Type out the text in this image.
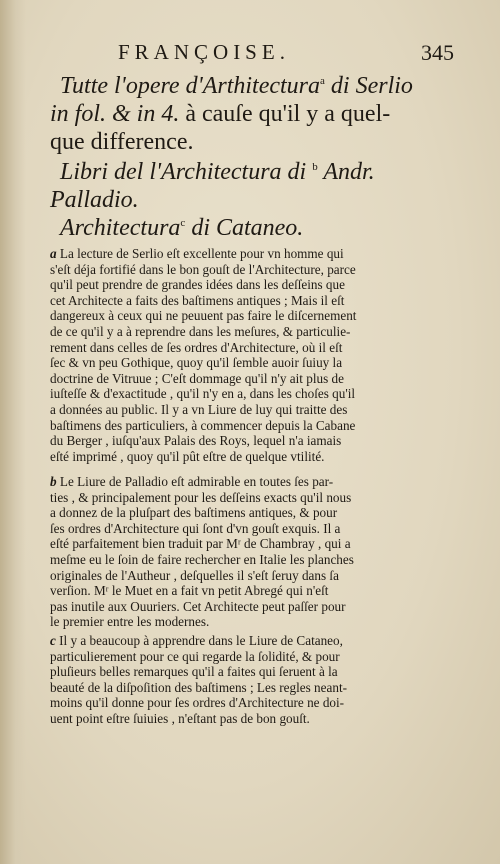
FRANÇOISE.	345
Tutte l'opere d'Arthitectura$^a$ di Serlio
in fol. & in 4. à cauſe qu'il y a quel-
que difference.
Libri del l'Architectura di $^b$ Andr.
Palladio.
Architectura$^c$ di Cataneo.
a La lecture de Serlio eſt excellente pour vn homme qui
s'eſt déja fortifié dans le bon gouſt de l'Architecture, parce
qu'il peut prendre de grandes idées dans les deſſeins que
cet Architecte a faits des baſtimens antiques ; Mais il eſt
dangereux à ceux qui ne peuuent pas faire le diſcernement
de ce qu'il y a à reprendre dans les meſures, & particulie-
rement dans celles de ſes ordres d'Architecture, où il eſt
ſec & vn peu Gothique, quoy qu'il ſemble auoir ſuiuy la
doctrine de Vitruue ; C'eſt dommage qu'il n'y ait plus de
iuſteſſe & d'exactitude , qu'il n'y en a, dans les choſes qu'il
a données au public. Il y a vn Liure de luy qui traitte des
baſtimens des particuliers, à commencer depuis la Cabane
du Berger , iuſqu'aux Palais des Roys, lequel n'a iamais
eſté imprimé , quoy qu'il pût eſtre de quelque vtilité.
b Le Liure de Palladio eſt admirable en toutes ſes par-
ties , & principalement pour les deſſeins exacts qu'il nous
a donnez de la pluſpart des baſtimens antiques, & pour
ſes ordres d'Architecture qui ſont d'vn gouſt exquis. Il a
eſté parfaitement bien traduit par Mʳ de Chambray , qui a
meſme eu le ſoin de faire rechercher en Italie les planches
originales de l'Autheur , deſquelles il s'eſt ſeruy dans ſa
verſion. Mʳ le Muet en a fait vn petit Abregé qui n'eſt
pas inutile aux Ouuriers. Cet Architecte peut paſſer pour
le premier entre les modernes.
c Il y a beaucoup à apprendre dans le Liure de Cataneo,
particulierement pour ce qui regarde la ſolidité, & pour
pluſieurs belles remarques qu'il a faites qui ſeruent à la
beauté de la diſpoſition des baſtimens ; Les regles neant-
moins qu'il donne pour ſes ordres d'Architecture ne doi-
uent point eſtre ſuiuies , n'eſtant pas de bon gouſt.
